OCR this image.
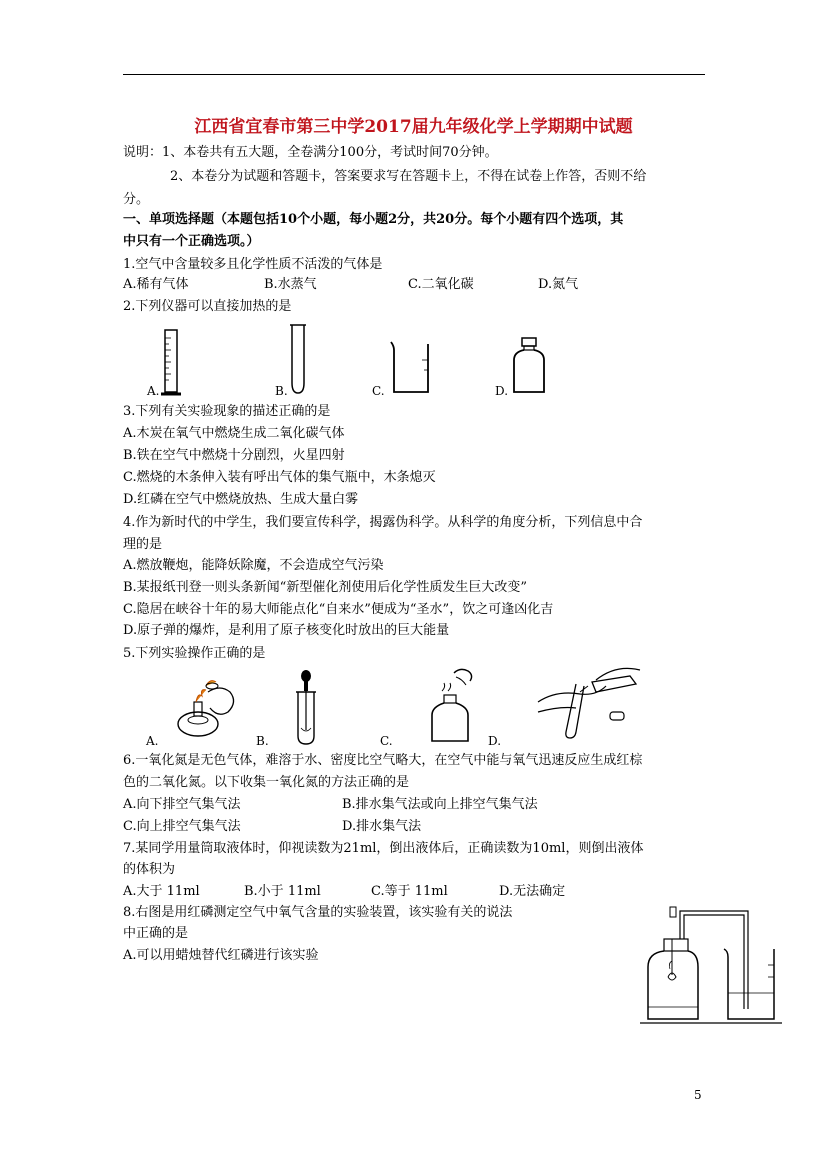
江西省宜春市第三中学2017届九年级化学上学期期中试题
说明：1、本卷共有五大题，全卷满分100分，考试时间70分钟。
2、本卷分为试题和答题卡，答案要求写在答题卡上，不得在试卷上作答，否则不给
分。
一、单项选择题（本题包括10个小题，每小题2分，共20分。每个小题有四个选项，其
中只有一个正确选项。）
1.空气中含量较多且化学性质不活泼的气体是
A.稀有气体	B.水蒸气	C.二氧化碳	D.氮气
2.下列仪器可以直接加热的是
A.	B.	C.	D.
3.下列有关实验现象的描述正确的是
A.木炭在氧气中燃烧生成二氧化碳气体
B.铁在空气中燃烧十分剧烈，火星四射
C.燃烧的木条伸入装有呼出气体的集气瓶中，木条熄灭
D.红磷在空气中燃烧放热、生成大量白雾
4.作为新时代的中学生，我们要宣传科学，揭露伪科学。从科学的角度分析，下列信息中合
理的是
A.燃放鞭炮，能降妖除魔，不会造成空气污染
B.某报纸刊登一则头条新闻“新型催化剂使用后化学性质发生巨大改变”
C.隐居在峡谷十年的易大师能点化“自来水”便成为“圣水”，饮之可逢凶化吉
D.原子弹的爆炸，是利用了原子核变化时放出的巨大能量
5.下列实验操作正确的是
A.	B.	C.	D.
6.一氧化氮是无色气体，难溶于水、密度比空气略大，在空气中能与氧气迅速反应生成红棕
色的二氧化氮。以下收集一氧化氮的方法正确的是
A.向下排空气集气法	B.排水集气法或向上排空气集气法
C.向上排空气集气法	D.排水集气法
7.某同学用量筒取液体时，仰视读数为21ml，倒出液体后，正确读数为10ml，则倒出液体
的体积为
A.大于 11ml	B.小于 11ml	C.等于 11ml	D.无法确定
8.右图是用红磷测定空气中氧气含量的实验装置，该实验有关的说法
中正确的是
A.可以用蜡烛替代红磷进行该实验
5
